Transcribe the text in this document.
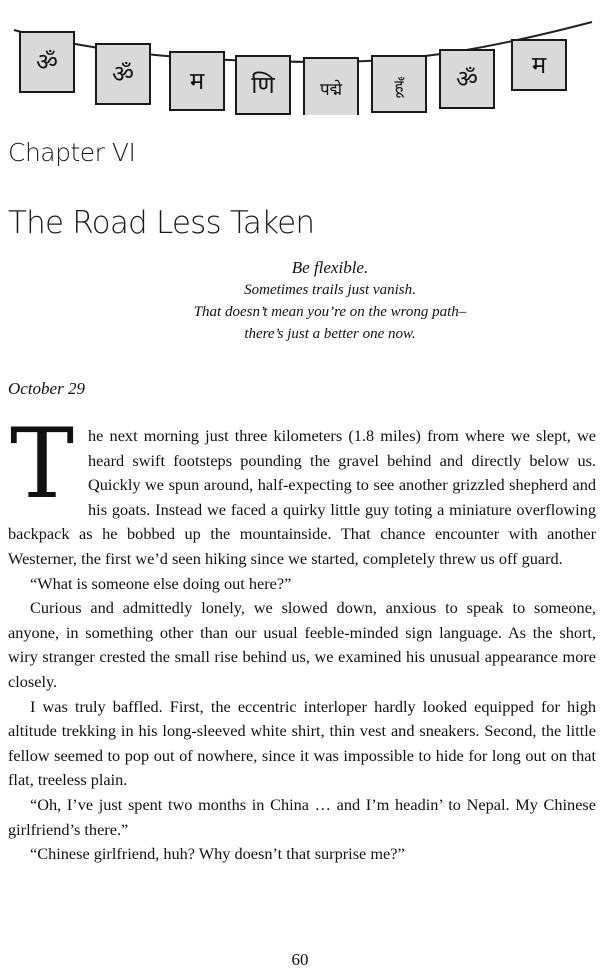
ॐ ॐ म णि	पद्मे	हूँ ॐ म
Chapter VI
The Road Less Taken
Be flexible.
Sometimes trails just vanish.
That doesn’t mean you’re on the wrong path–
there’s just a better one now.
October 29
T he next morning just three kilometers (1.8 miles) from where we slept, we heard swift footsteps pounding the gravel behind and directly below us. Quickly we spun around, half-expecting to see another grizzled shepherd and his goats. Instead we faced a quirky little guy toting a miniature overflowing backpack as he bobbed up the mountainside. That chance encounter with another Westerner, the first we’d seen hiking since we started, completely threw us off guard.

“What is someone else doing out here?”

Curious and admittedly lonely, we slowed down, anxious to speak to someone, anyone, in something other than our usual feeble-minded sign language. As the short, wiry stranger crested the small rise behind us, we examined his unusual appearance more closely.

I was truly baffled. First, the eccentric interloper hardly looked equipped for high altitude trekking in his long-sleeved white shirt, thin vest and sneakers. Second, the little fellow seemed to pop out of nowhere, since it was impossible to hide for long out on that flat, treeless plain.

“Oh, I’ve just spent two months in China … and I’m headin’ to Nepal. My Chinese girlfriend’s there.”

“Chinese girlfriend, huh? Why doesn’t that surprise me?”

60
